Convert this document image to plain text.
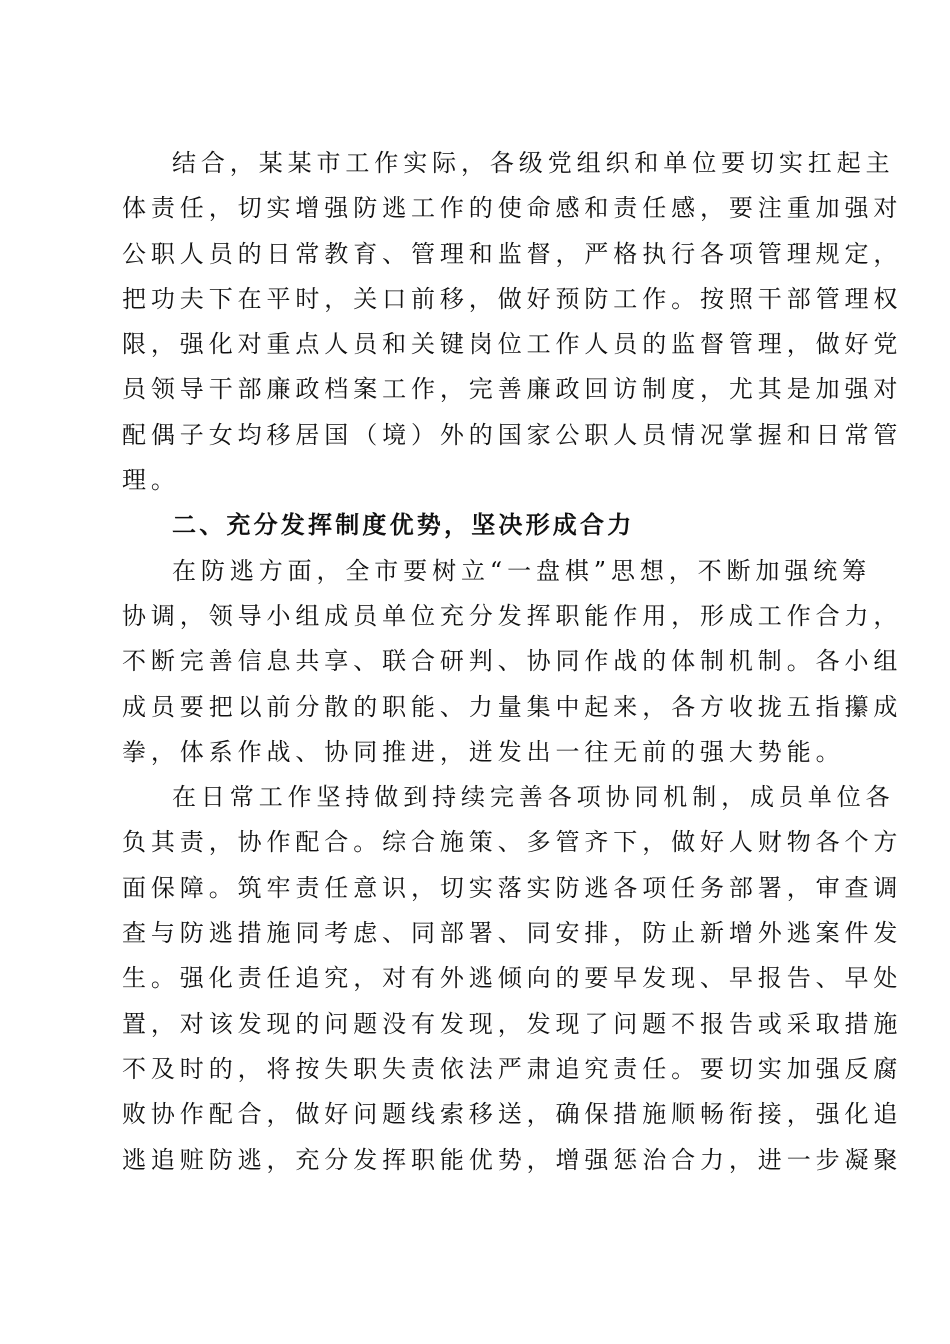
结合，某某市工作实际，各级党组织和单位要切实扛起主
体责任，切实增强防逃工作的使命感和责任感，要注重加强对
公职人员的日常教育、管理和监督，严格执行各项管理规定，
把功夫下在平时，关口前移，做好预防工作。按照干部管理权
限，强化对重点人员和关键岗位工作人员的监督管理，做好党
员领导干部廉政档案工作，完善廉政回访制度，尤其是加强对
配偶子女均移居国（境）外的国家公职人员情况掌握和日常管
理。
二、充分发挥制度优势，坚决形成合力
在防逃方面，全市要树立“一盘棋”思想，不断加强统筹
协调，领导小组成员单位充分发挥职能作用，形成工作合力，
不断完善信息共享、联合研判、协同作战的体制机制。各小组
成员要把以前分散的职能、力量集中起来，各方收拢五指攥成
拳，体系作战、协同推进，迸发出一往无前的强大势能。
在日常工作坚持做到持续完善各项协同机制，成员单位各
负其责，协作配合。综合施策、多管齐下，做好人财物各个方
面保障。筑牢责任意识，切实落实防逃各项任务部署，审查调
查与防逃措施同考虑、同部署、同安排，防止新增外逃案件发
生。强化责任追究，对有外逃倾向的要早发现、早报告、早处
置，对该发现的问题没有发现，发现了问题不报告或采取措施
不及时的，将按失职失责依法严肃追究责任。要切实加强反腐
败协作配合，做好问题线索移送，确保措施顺畅衔接，强化追
逃追赃防逃，充分发挥职能优势，增强惩治合力，进一步凝聚
